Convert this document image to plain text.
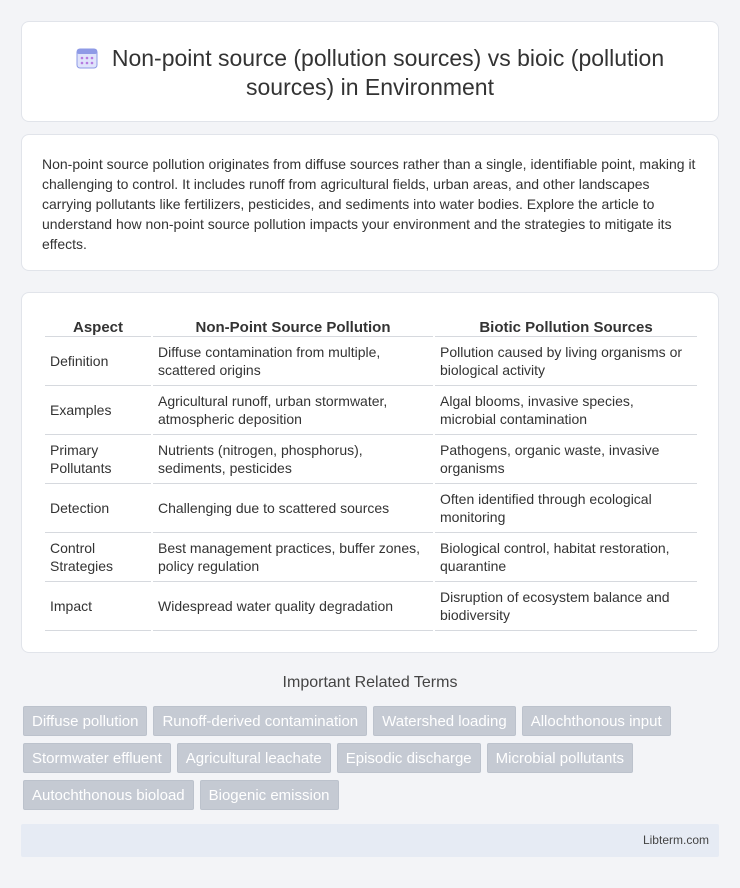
Non-point source (pollution sources) vs bioic (pollution sources) in Environment

Non-point source pollution originates from diffuse sources rather than a single, identifiable point, making it challenging to control. It includes runoff from agricultural fields, urban areas, and other landscapes carrying pollutants like fertilizers, pesticides, and sediments into water bodies. Explore the article to understand how non-point source pollution impacts your environment and the strategies to mitigate its effects.

Aspect	Non-Point Source Pollution	Biotic Pollution Sources
Definition	Diffuse contamination from multiple, scattered origins	Pollution caused by living organisms or biological activity
Examples	Agricultural runoff, urban stormwater, atmospheric deposition	Algal blooms, invasive species, microbial contamination
Primary Pollutants	Nutrients (nitrogen, phosphorus), sediments, pesticides	Pathogens, organic waste, invasive organisms
Detection	Challenging due to scattered sources	Often identified through ecological monitoring
Control Strategies	Best management practices, buffer zones, policy regulation	Biological control, habitat restoration, quarantine
Impact	Widespread water quality degradation	Disruption of ecosystem balance and biodiversity
Important Related Terms
Diffuse pollution	Runoff-derived contamination	Watershed loading	Allochthonous input
Stormwater effluent	Agricultural leachate	Episodic discharge	Microbial pollutants
Autochthonous bioload	Biogenic emission
Libterm.com
